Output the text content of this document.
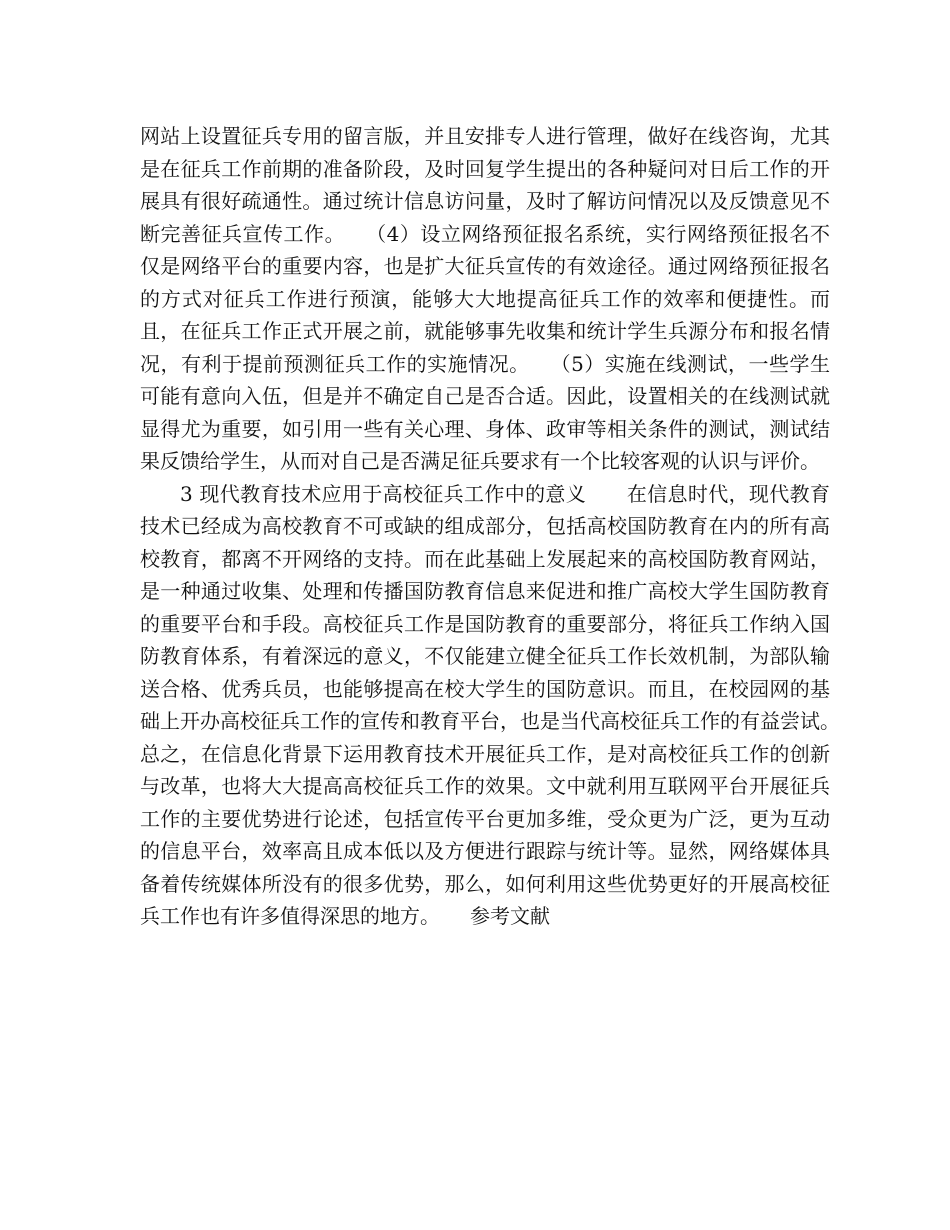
网站上设置征兵专用的留言版，并且安排专人进行管理，做好在线咨询，尤其是在征兵工作前期的准备阶段，及时回复学生提出的各种疑问对日后工作的开展具有很好疏通性。通过统计信息访问量，及时了解访问情况以及反馈意见不断完善征兵宣传工作。　　（4）设立网络预征报名系统，实行网络预征报名不仅是网络平台的重要内容，也是扩大征兵宣传的有效途径。通过网络预征报名的方式对征兵工作进行预演，能够大大地提高征兵工作的效率和便捷性。而且，在征兵工作正式开展之前，就能够事先收集和统计学生兵源分布和报名情况，有利于提前预测征兵工作的实施情况。　　（5）实施在线测试，一些学生可能有意向入伍，但是并不确定自己是否合适。因此，设置相关的在线测试就显得尤为重要，如引用一些有关心理、身体、政审等相关条件的测试，测试结果反馈给学生，从而对自己是否满足征兵要求有一个比较客观的认识与评价。

3 现代教育技术应用于高校征兵工作中的意义　　在信息时代，现代教育技术已经成为高校教育不可或缺的组成部分，包括高校国防教育在内的所有高校教育，都离不开网络的支持。而在此基础上发展起来的高校国防教育网站，是一种通过收集、处理和传播国防教育信息来促进和推广高校大学生国防教育的重要平台和手段。高校征兵工作是国防教育的重要部分，将征兵工作纳入国防教育体系，有着深远的意义，不仅能建立健全征兵工作长效机制，为部队输送合格、优秀兵员，也能够提高在校大学生的国防意识。而且，在校园网的基础上开办高校征兵工作的宣传和教育平台，也是当代高校征兵工作的有益尝试。　　总之，在信息化背景下运用教育技术开展征兵工作，是对高校征兵工作的创新与改革，也将大大提高高校征兵工作的效果。文中就利用互联网平台开展征兵工作的主要优势进行论述，包括宣传平台更加多维，受众更为广泛，更为互动的信息平台，效率高且成本低以及方便进行跟踪与统计等。显然，网络媒体具备着传统媒体所没有的很多优势，那么，如何利用这些优势更好的开展高校征兵工作也有许多值得深思的地方。　　参考文献
